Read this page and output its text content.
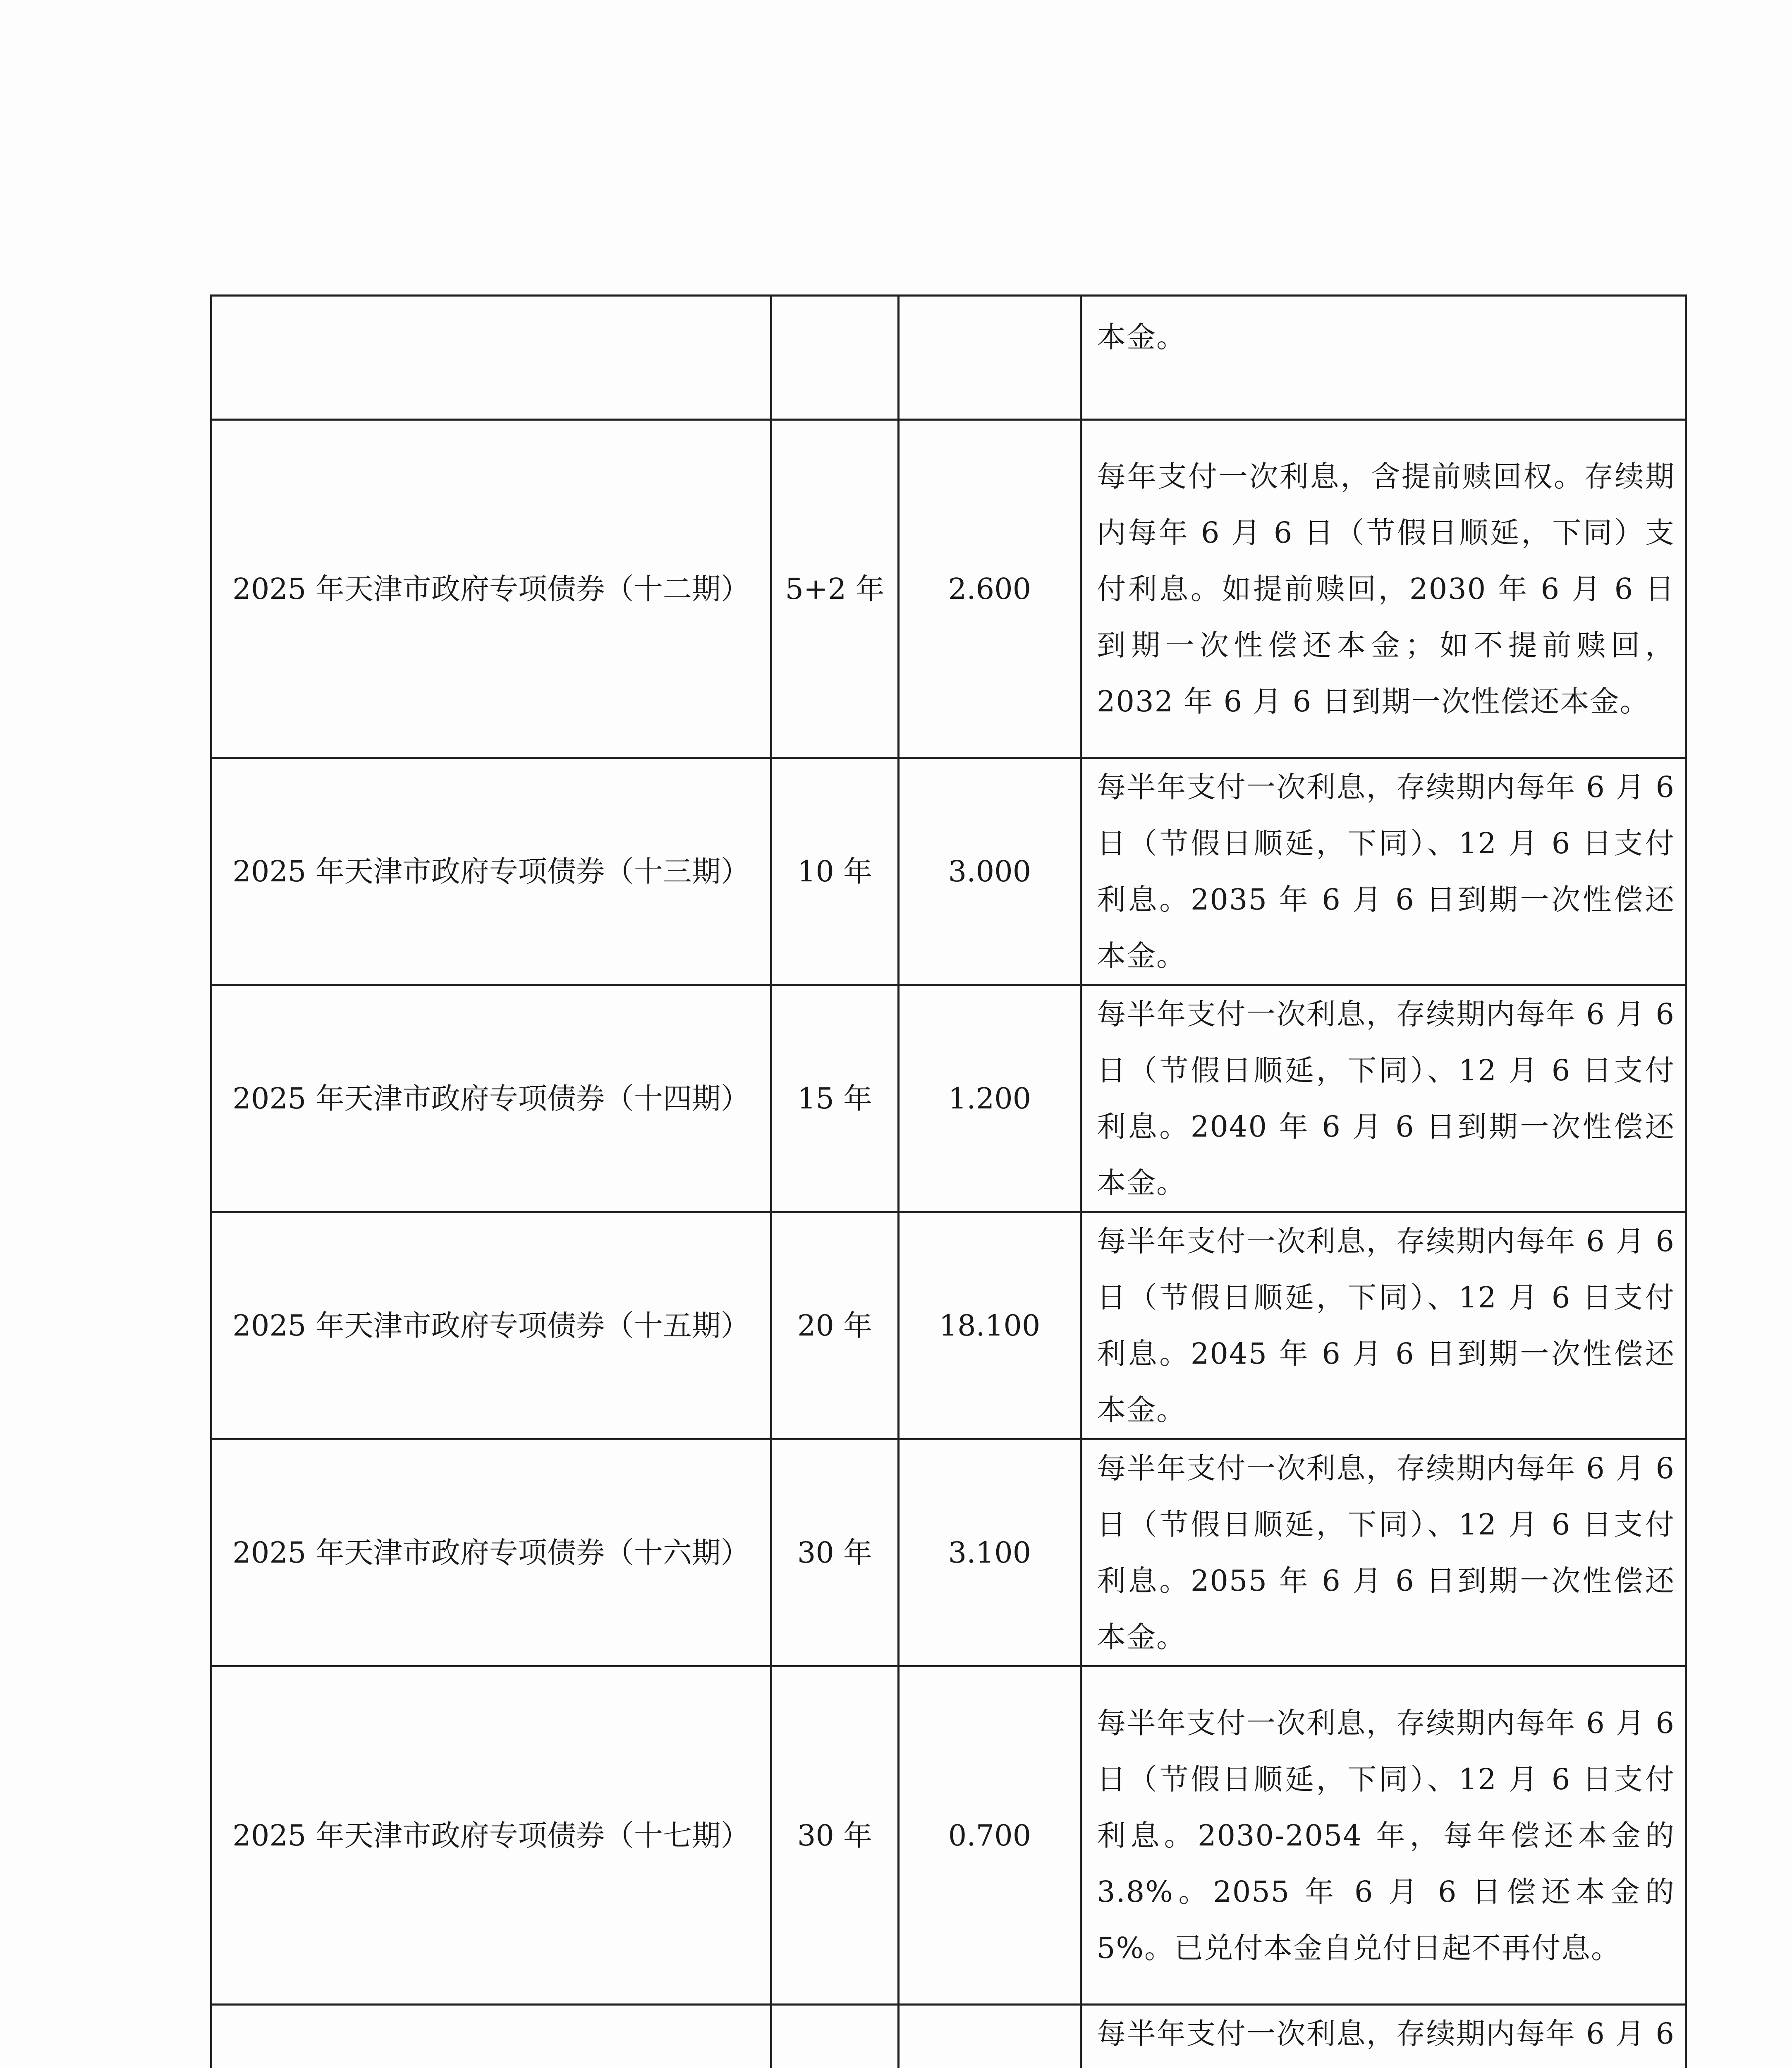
			本金。
2025 年天津市政府专项债券（十二期）	5+2 年	2.600	每年支付一次利息，含提前赎回权。存续期内每年 6 月 6 日（节假日顺延，下同）支付利息。如提前赎回，2030 年 6 月 6 日到期一次性偿还本金；如不提前赎回，2032 年 6 月 6 日到期一次性偿还本金。
2025 年天津市政府专项债券（十三期）	10 年	3.000	每半年支付一次利息，存续期内每年 6 月 6 日（节假日顺延，下同）、12 月 6 日支付利息。2035 年 6 月 6 日到期一次性偿还本金。
2025 年天津市政府专项债券（十四期）	15 年	1.200	每半年支付一次利息，存续期内每年 6 月 6 日（节假日顺延，下同）、12 月 6 日支付利息。2040 年 6 月 6 日到期一次性偿还本金。
2025 年天津市政府专项债券（十五期）	20 年	18.100	每半年支付一次利息，存续期内每年 6 月 6 日（节假日顺延，下同）、12 月 6 日支付利息。2045 年 6 月 6 日到期一次性偿还本金。
2025 年天津市政府专项债券（十六期）	30 年	3.100	每半年支付一次利息，存续期内每年 6 月 6 日（节假日顺延，下同）、12 月 6 日支付利息。2055 年 6 月 6 日到期一次性偿还本金。
2025 年天津市政府专项债券（十七期）	30 年	0.700	每半年支付一次利息，存续期内每年 6 月 6 日（节假日顺延，下同）、12 月 6 日支付利息。2030-2054 年，每年偿还本金的 3.8%。2055 年 6 月 6 日偿还本金的 5%。已兑付本金自兑付日起不再付息。
			每半年支付一次利息，存续期内每年 6 月 6
